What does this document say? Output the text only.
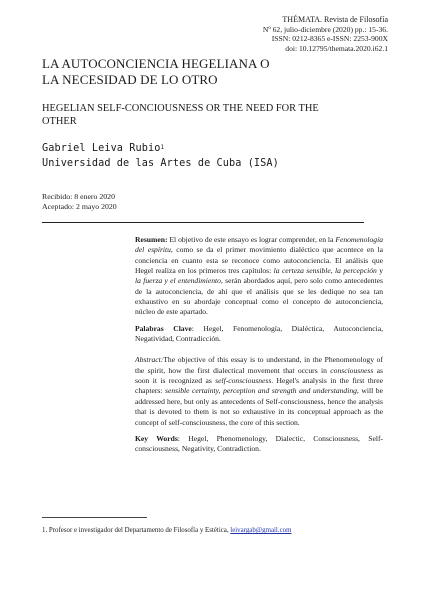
THÉMATA. Revista de Filosofía
Nº 62, julio-diciembre (2020) pp.: 15-36.
ISSN: 0212-8365 e-ISSN: 2253-900X
doi: 10.12795/themata.2020.i62.1
LA AUTOCONCIENCIA HEGELIANA O
LA NECESIDAD DE LO OTRO
HEGELIAN SELF-CONCIOUSNESS OR THE NEED FOR THE
OTHER
Gabriel Leiva Rubio$^1$
Universidad de las Artes de Cuba (ISA)
Recibido: 8 enero 2020
Aceptado: 2 mayo 2020

Resumen: El objetivo de este ensayo es lograr comprender, en la Fenomenología del espíritu, como se da el primer movimiento dialéctico que acontece en la conciencia en cuanto esta se reconoce como autoconciencia. El análisis que Hegel realiza en los primeros tres capítulos: la certeza sensible, la percepción y la fuerza y el entendimiento, serán abordados aquí, pero solo como antecedentes de la autoconciencia, de ahí que el análisis que se les dedique no sea tan exhaustivo en su abordaje conceptual como el concepto de autoconciencia, núcleo de este apartado.

Palabras Clave: Hegel, Fenomenología, Dialéctica, Autoconciencia, Negatividad, Contradicción.

Abstract:The objective of this essay is to understand, in the Phenomenology of the spirit, how the first dialectical movement that occurs in consciousness as soon it is recognized as self-consciousness. Hegel's analysis in the first three chapters: sensible certainty, perception and strength and understanding, will be addressed here, but only as antecedents of Self-consciousness, hence the analysis that is devoted to them is not so exhaustive in its conceptual approach as the concept of self-consciousness, the core of this section.

Key Words: Hegel, Phenomenology, Dialectic, Consciousness, Self-consciousness, Negativity, Contradiction.

1. Profesor e investigador del Departamento de Filosofía y Estética, leivargab@gmail.com
